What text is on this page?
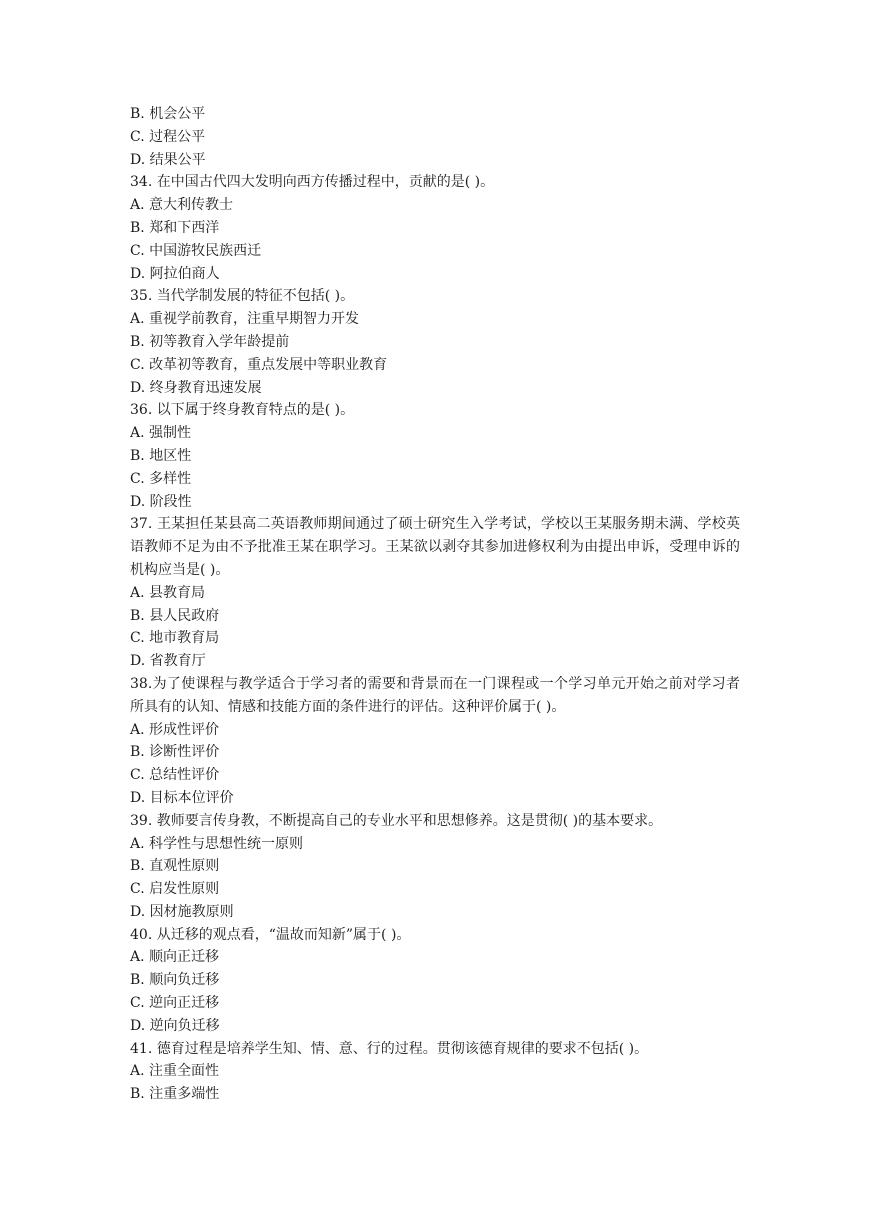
B. 机会公平
C. 过程公平
D. 结果公平
34. 在中国古代四大发明向西方传播过程中，贡献的是( )。
A. 意大利传教士
B. 郑和下西洋
C. 中国游牧民族西迁
D. 阿拉伯商人
35. 当代学制发展的特征不包括( )。
A. 重视学前教育，注重早期智力开发
B. 初等教育入学年龄提前
C. 改革初等教育，重点发展中等职业教育
D. 终身教育迅速发展
36. 以下属于终身教育特点的是( )。
A. 强制性
B. 地区性
C. 多样性
D. 阶段性
37. 王某担任某县高二英语教师期间通过了硕士研究生入学考试，学校以王某服务期未满、学校英语教师不足为由不予批准王某在职学习。王某欲以剥夺其参加进修权利为由提出申诉，受理申诉的机构应当是( )。
A. 县教育局
B. 县人民政府
C. 地市教育局
D. 省教育厅
38.为了使课程与教学适合于学习者的需要和背景而在一门课程或一个学习单元开始之前对学习者所具有的认知、情感和技能方面的条件进行的评估。这种评价属于( )。
A. 形成性评价
B. 诊断性评价
C. 总结性评价
D. 目标本位评价
39. 教师要言传身教，不断提高自己的专业水平和思想修养。这是贯彻( )的基本要求。
A. 科学性与思想性统一原则
B. 直观性原则
C. 启发性原则
D. 因材施教原则
40. 从迁移的观点看，“温故而知新”属于( )。
A. 顺向正迁移
B. 顺向负迁移
C. 逆向正迁移
D. 逆向负迁移
41. 德育过程是培养学生知、情、意、行的过程。贯彻该德育规律的要求不包括( )。
A. 注重全面性
B. 注重多端性
